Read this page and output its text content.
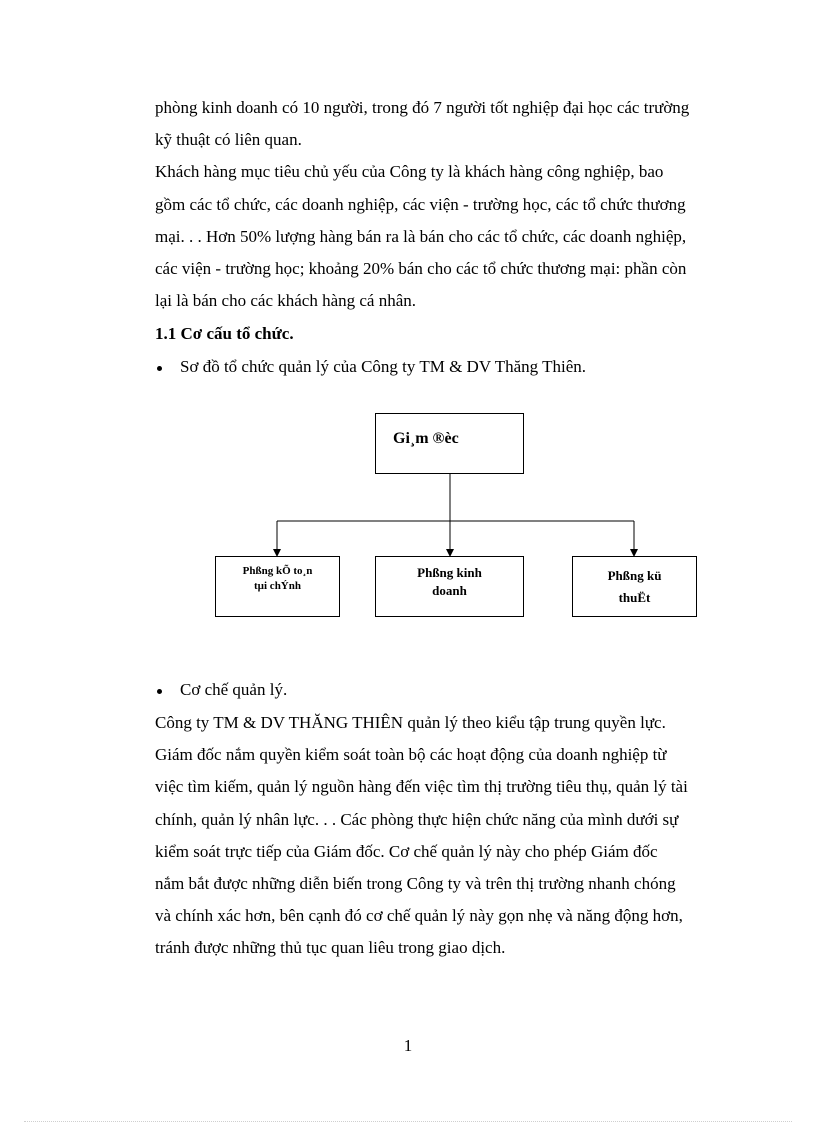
phòng kinh doanh có 10 người, trong đó 7 người tốt nghiệp đại học các trường
kỹ thuật có liên quan.
Khách hàng mục tiêu chủ yếu của Công ty là khách hàng công nghiệp, bao
gồm các tổ chức, các doanh nghiệp, các viện - trường học, các tổ chức thương
mại. . . Hơn 50% lượng hàng bán ra là bán cho các tổ chức, các doanh nghiệp,
các viện - trường học; khoảng 20% bán cho các tổ chức thương mại: phần còn
lại là bán cho các khách hàng cá nhân.
1.1 Cơ cấu tổ chức.
Sơ đồ tổ chức quản lý của Công ty TM & DV Thăng Thiên.
Gi¸m ®èc
Phßng kÕ to¸n
tµi chÝnh
Phßng kinh
doanh
Phßng kü
thuËt
Cơ chế quản lý.
Công ty TM & DV THĂNG THIÊN quản lý theo kiểu tập trung quyền lực.
Giám đốc nắm quyền kiểm soát toàn bộ các hoạt động của doanh nghiệp từ
việc tìm kiếm, quản lý nguồn hàng đến việc tìm thị trường tiêu thụ, quản lý tài
chính, quản lý nhân lực. . . Các phòng thực hiện chức năng của mình dưới sự
kiểm soát trực tiếp của Giám đốc. Cơ chế quản lý này cho phép Giám đốc
nắm bắt được những diễn biến trong Công ty và trên thị trường nhanh chóng
và chính xác hơn, bên cạnh đó cơ chế quản lý này gọn nhẹ và năng động hơn,
tránh được những thủ tục quan liêu trong giao dịch.
1
